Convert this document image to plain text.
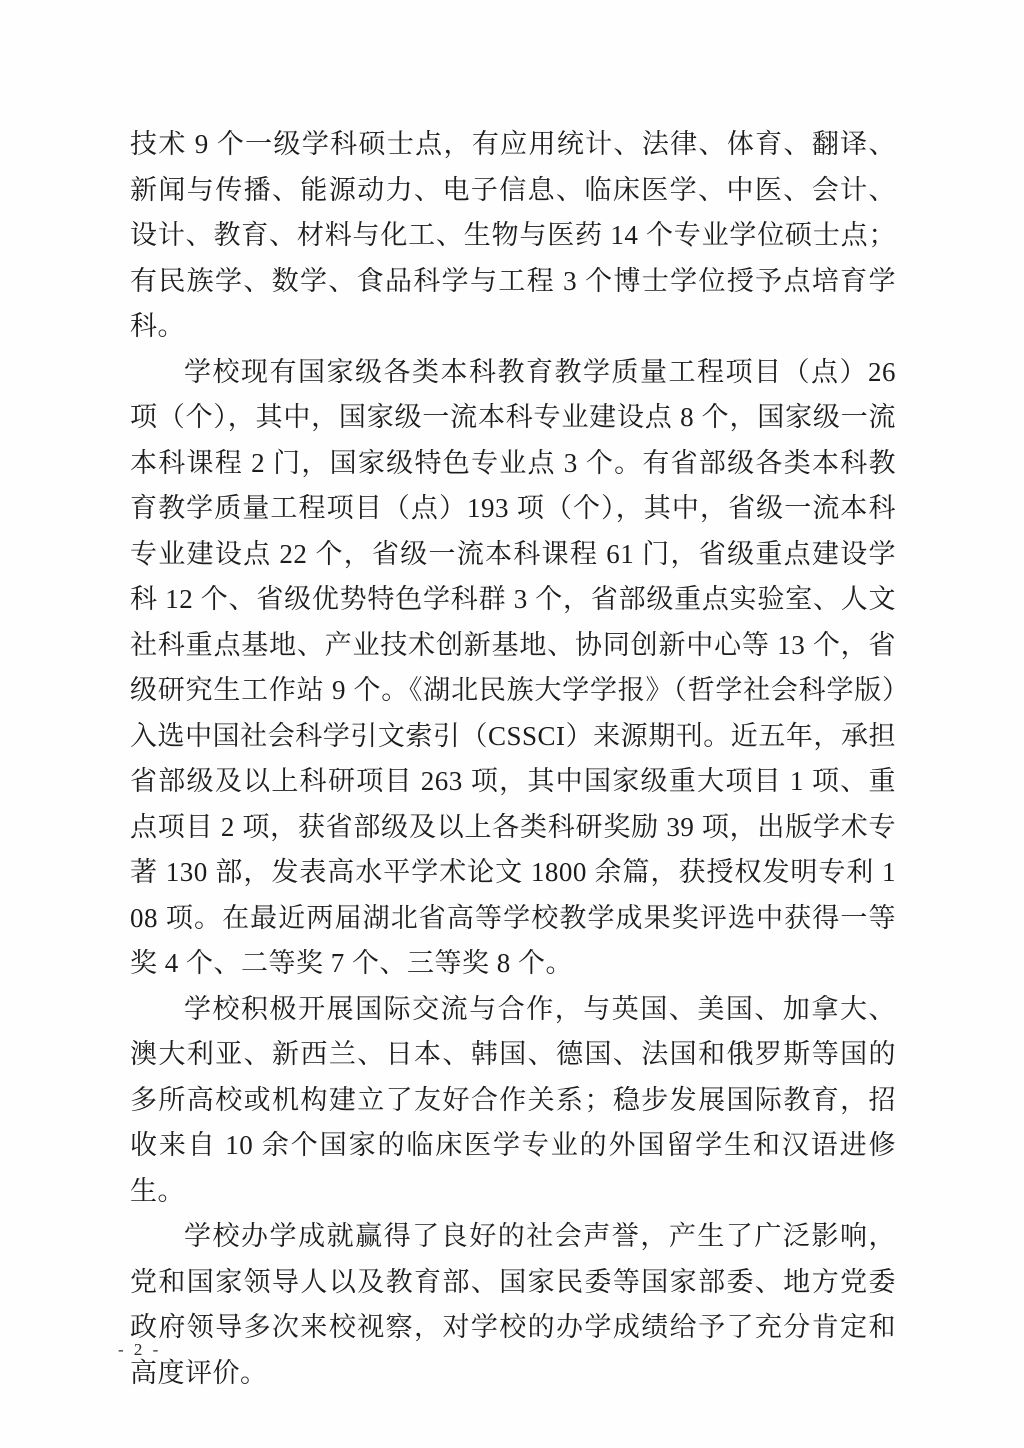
技术 9 个一级学科硕士点，有应用统计、法律、体育、翻译、新闻与传播、能源动力、电子信息、临床医学、中医、会计、设计、教育、材料与化工、生物与医药 14 个专业学位硕士点；有民族学、数学、食品科学与工程 3 个博士学位授予点培育学科。

学校现有国家级各类本科教育教学质量工程项目（点）26 项（个），其中，国家级一流本科专业建设点 8 个，国家级一流本科课程 2 门，国家级特色专业点 3 个。有省部级各类本科教育教学质量工程项目（点）193 项（个），其中，省级一流本科专业建设点 22 个，省级一流本科课程 61 门，省级重点建设学科 12 个、省级优势特色学科群 3 个，省部级重点实验室、人文社科重点基地、产业技术创新基地、协同创新中心等 13 个，省级研究生工作站 9 个。《湖北民族大学学报》（哲学社会科学版）入选中国社会科学引文索引（CSSCI）来源期刊。近五年，承担省部级及以上科研项目 263 项，其中国家级重大项目 1 项、重点项目 2 项，获省部级及以上各类科研奖励 39 项，出版学术专著 130 部，发表高水平学术论文 1800 余篇，获授权发明专利 108 项。在最近两届湖北省高等学校教学成果奖评选中获得一等奖 4 个、二等奖 7 个、三等奖 8 个。

学校积极开展国际交流与合作，与英国、美国、加拿大、澳大利亚、新西兰、日本、韩国、德国、法国和俄罗斯等国的多所高校或机构建立了友好合作关系；稳步发展国际教育，招收来自 10 余个国家的临床医学专业的外国留学生和汉语进修生。

学校办学成就赢得了良好的社会声誉，产生了广泛影响，党和国家领导人以及教育部、国家民委等国家部委、地方党委政府领导多次来校视察，对学校的办学成绩给予了充分肯定和高度评价。

- 2 -
